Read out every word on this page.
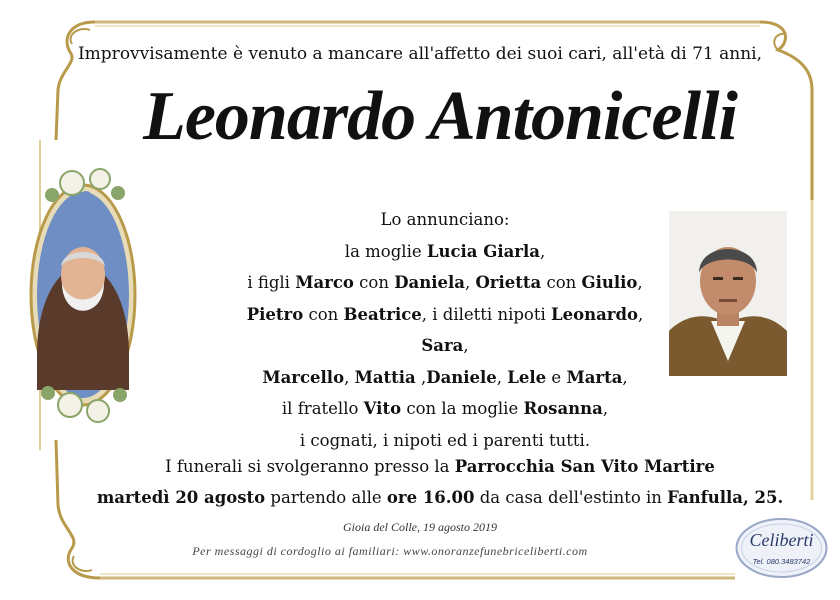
Improvvisamente è venuto a mancare all'affetto dei suoi cari, all'età di 71 anni,
Leonardo Antonicelli
Lo annunciano:
la moglie Lucia Giarla,
i figli Marco con Daniela, Orietta con Giulio,
Pietro con Beatrice, i diletti nipoti Leonardo, Sara,
Marcello, Mattia ,Daniele, Lele e Marta,
il fratello Vito con la moglie Rosanna,
i cognati, i nipoti ed i parenti tutti.
I funerali si svolgeranno presso la Parrocchia San Vito Martire
martedì 20 agosto partendo alle ore 16.00 da casa dell'estinto in Fanfulla, 25.
Gioia del Colle, 19 agosto 2019
Per messaggi di cordoglio ai familiari: www.onoranzefunebriceliberti.com
Celiberti
Tel. 080.3483742
